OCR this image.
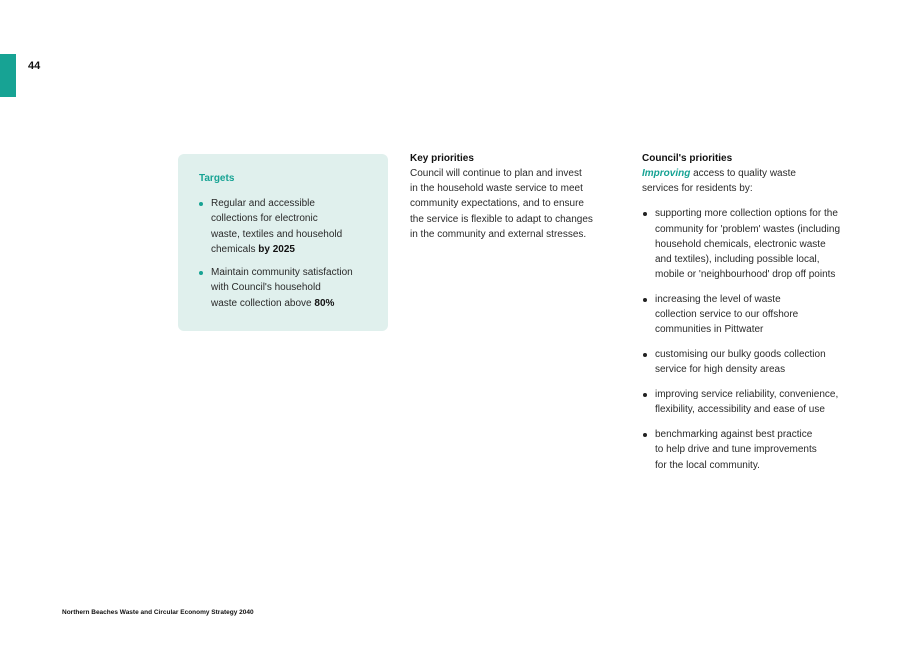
44
Targets
Regular and accessible
collections for electronic
waste, textiles and household
chemicals by 2025
Maintain community satisfaction
with Council's household
waste collection above 80%
Key priorities

Council will continue to plan and invest
in the household waste service to meet
community expectations, and to ensure
the service is flexible to adapt to changes
in the community and external stresses.

Council's priorities

Improving access to quality waste
services for residents by:

supporting more collection options for the
community for 'problem' wastes (including
household chemicals, electronic waste
and textiles), including possible local,
mobile or 'neighbourhood' drop off points
increasing the level of waste
collection service to our offshore
communities in Pittwater
customising our bulky goods collection
service for high density areas
improving service reliability, convenience,
flexibility, accessibility and ease of use
benchmarking against best practice
to help drive and tune improvements
for the local community.
Northern Beaches Waste and Circular Economy Strategy 2040
